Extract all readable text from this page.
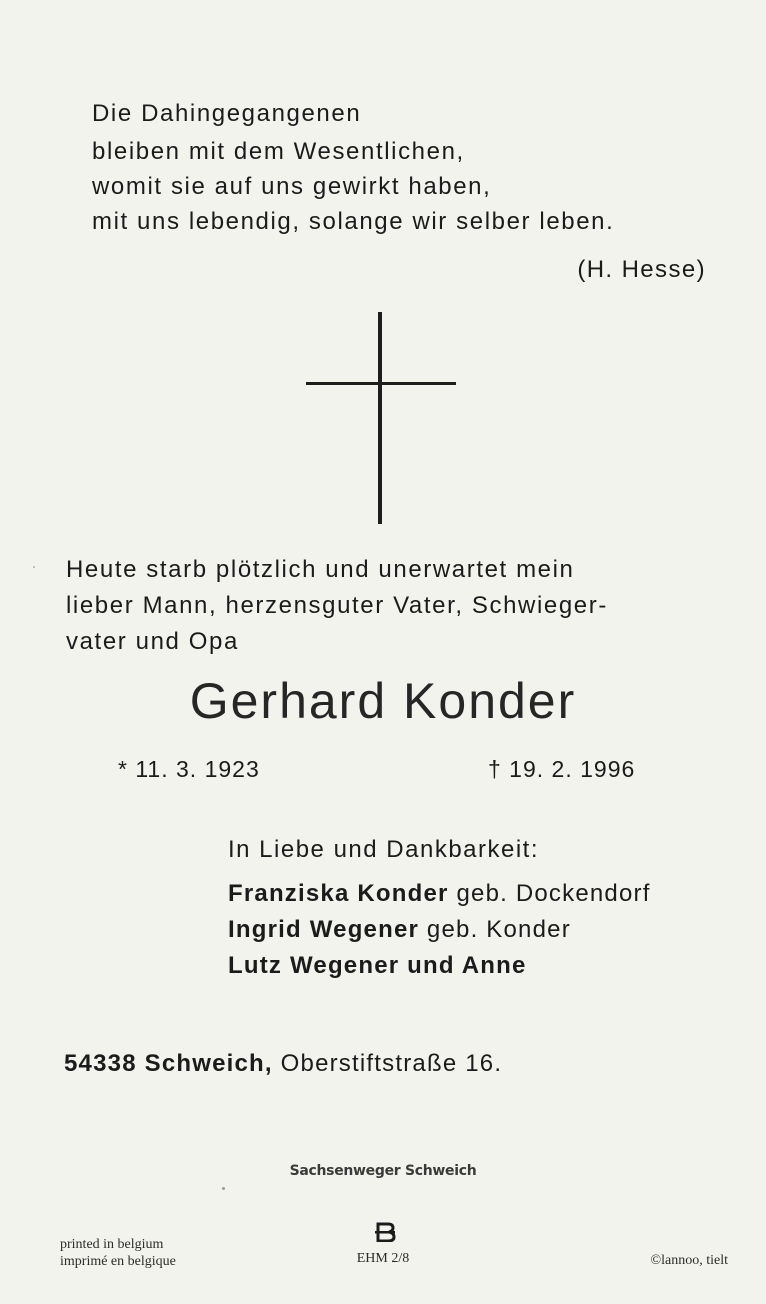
Die Dahingegangenen
bleiben mit dem Wesentlichen,
womit sie auf uns gewirkt haben,
mit uns lebendig, solange wir selber leben.
(H. Hesse)
Heute starb plötzlich und unerwartet mein
lieber Mann, herzensguter Vater, Schwieger-
vater und Opa
Gerhard Konder
* 11. 3. 1923	† 19. 2. 1996
In Liebe und Dankbarkeit:
Franziska Konder geb. Dockendorf
Ingrid Wegener geb. Konder
Lutz Wegener und Anne
54338 Schweich, Oberstiftstraße 16.
Sachsenweger Schweich
printed in belgium
imprimé en belgique	EHM 2/8	©lannoo, tielt
